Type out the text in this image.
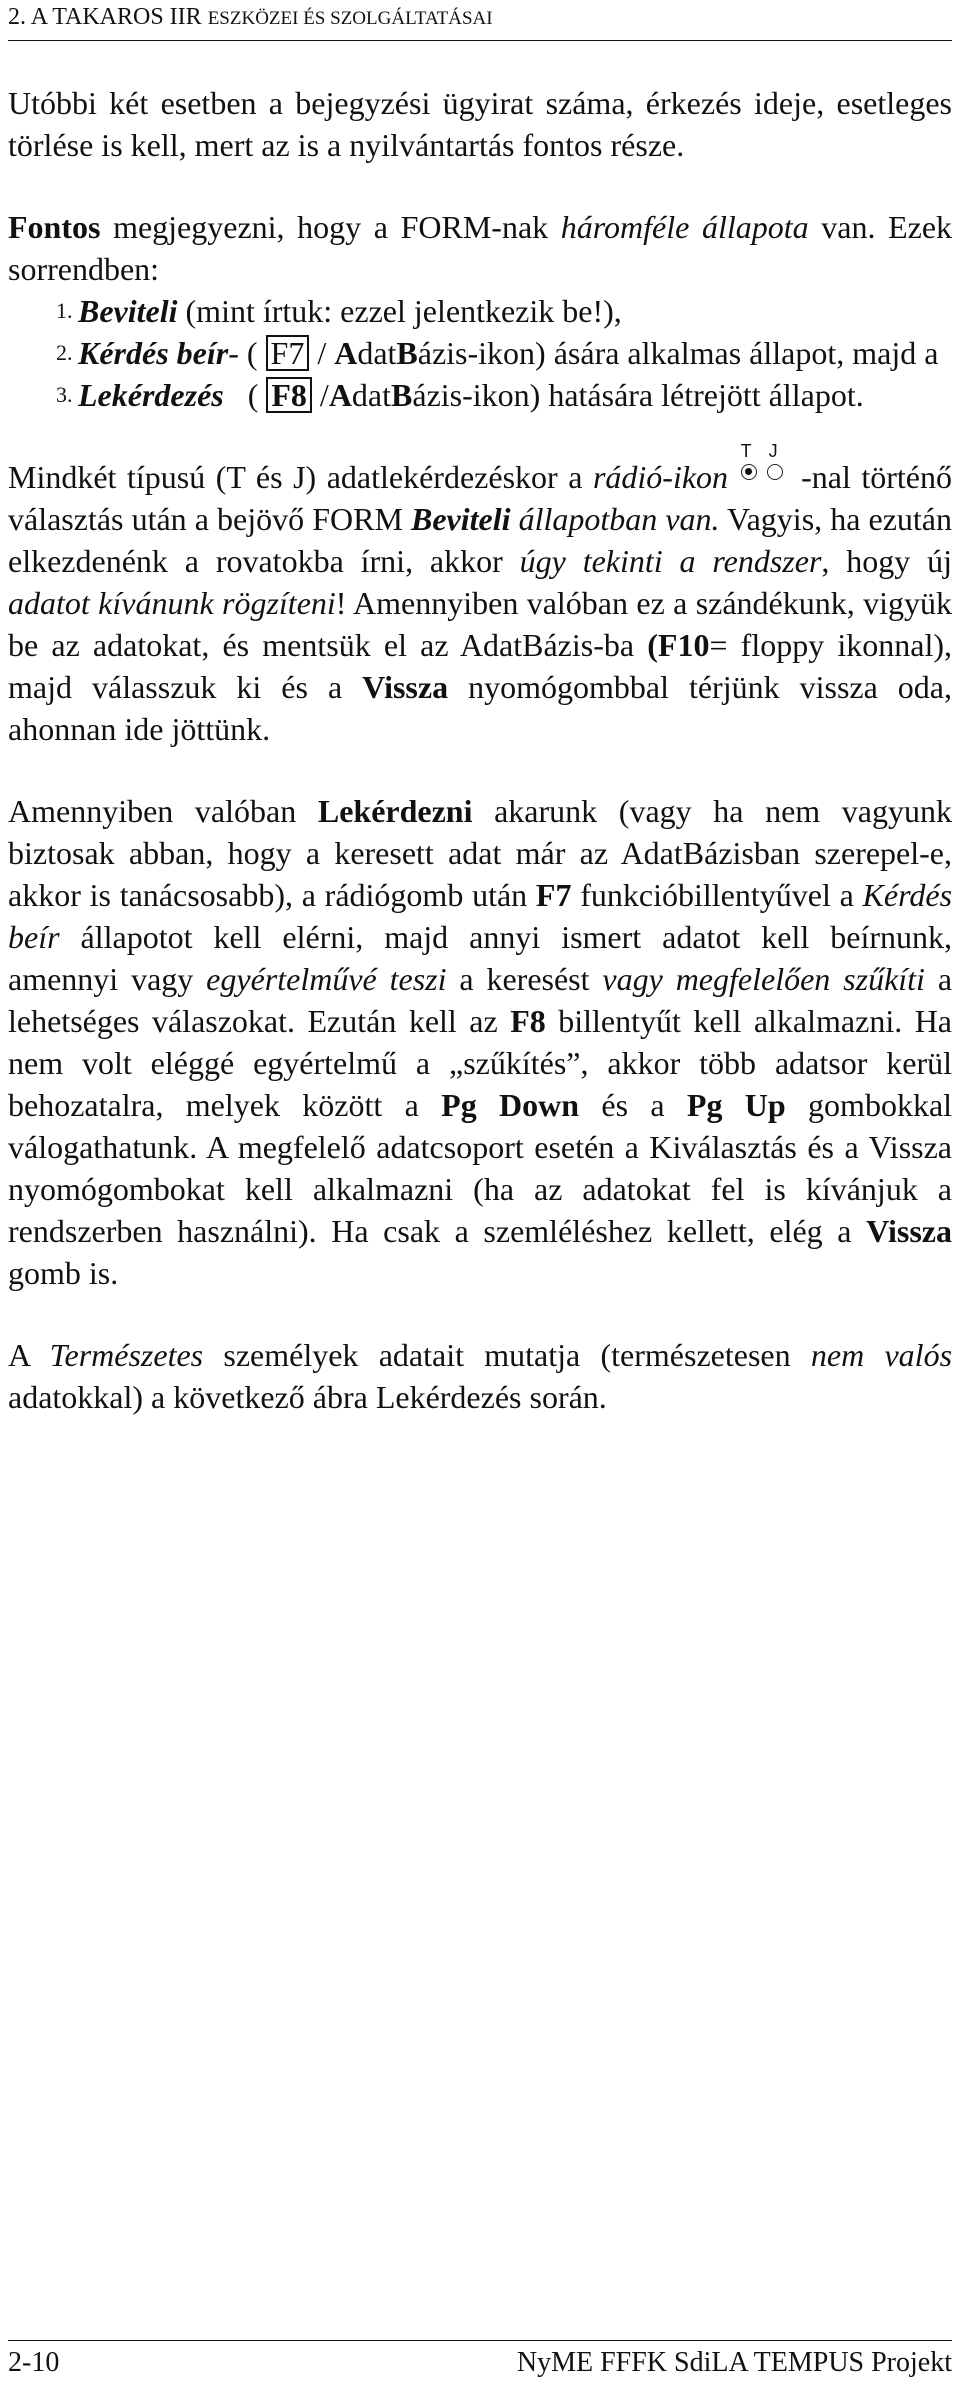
2. A TAKAROS IIR ESZKÖZEI ÉS SZOLGÁLTATÁSAI

Utóbbi két esetben a bejegyzési ügyirat száma, érkezés ideje, esetleges törlése is kell, mert az is a nyilvántartás fontos része.

Fontos megjegyezni, hogy a FORM-nak háromféle állapota van. Ezek sorrendben:

1. Beviteli (mint írtuk: ezzel jelentkezik be!),
2. Kérdés beír- ( F7 / AdatBázis-ikon) ására alkalmas állapot, majd a
3. Lekérdezés   ( F8 /AdatBázis-ikon) hatására létrejött állapot.

Mindkét típusú (T és J) adatlekérdezéskor a rádió-ikon
T J
-nal történő választás után a bejövő FORM Beviteli állapotban van. Vagyis, ha ezután elkezdenénk a rovatokba írni, akkor úgy tekinti a rendszer, hogy új adatot kívánunk rögzíteni! Amennyiben valóban ez a szándékunk, vigyük be az adatokat, és mentsük el az AdatBázis-ba (F10= floppy ikonnal), majd válasszuk ki és a Vissza nyomógombbal térjünk vissza oda, ahonnan ide jöttünk.

Amennyiben valóban Lekérdezni akarunk (vagy ha nem vagyunk biztosak abban, hogy a keresett adat már az AdatBázisban szerepel-e, akkor is tanácsosabb), a rádiógomb után F7 funkcióbillentyűvel a Kérdés beír állapotot kell elérni, majd annyi ismert adatot kell beírnunk, amennyi vagy egyértelművé teszi a keresést vagy megfelelően szűkíti a lehetséges válaszokat. Ezután kell az F8 billentyűt kell alkalmazni. Ha nem volt eléggé egyértelmű a „szűkítés”, akkor több adatsor kerül behozatalra, melyek között a Pg Down és a Pg Up gombokkal válogathatunk. A megfelelő adatcsoport esetén a Kiválasztás és a Vissza nyomógombokat kell alkalmazni (ha az adatokat fel is kívánjuk a rendszerben használni). Ha csak a szemléléshez kellett, elég a Vissza gomb is.

A Természetes személyek adatait mutatja (természetesen nem valós adatokkal) a következő ábra Lekérdezés során.

2-10	NyME FFFK SdiLA TEMPUS Projekt
